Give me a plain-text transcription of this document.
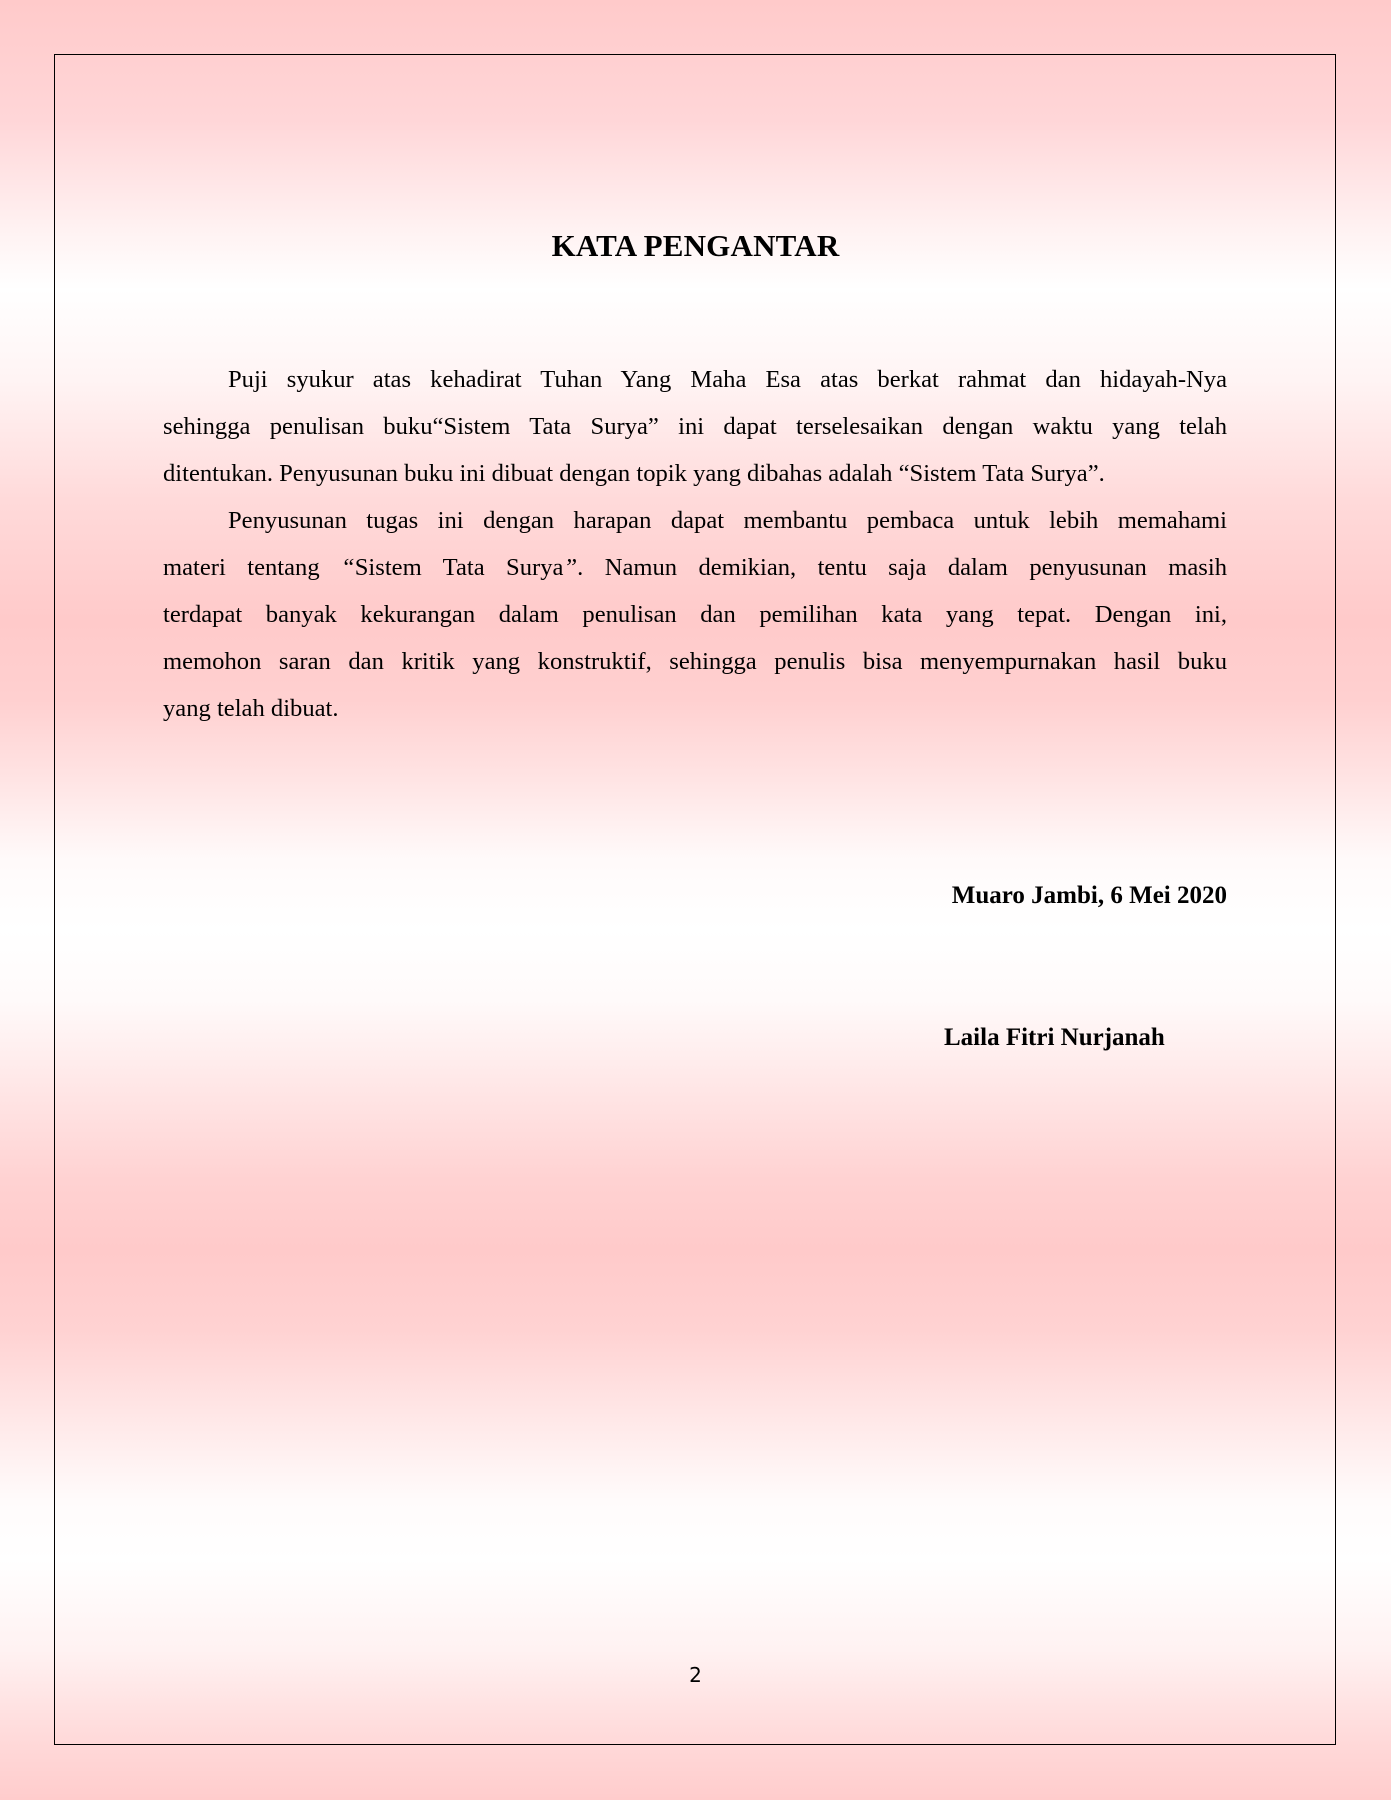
KATA PENGANTAR
Puji syukur atas kehadirat Tuhan Yang Maha Esa atas berkat rahmat dan hidayah-Nya
sehingga penulisan buku“Sistem Tata Surya” ini dapat terselesaikan dengan waktu yang telah
ditentukan. Penyusunan buku ini dibuat dengan topik yang dibahas adalah “Sistem Tata Surya”.
Penyusunan tugas ini dengan harapan dapat membantu pembaca untuk lebih memahami
materi tentang “Sistem Tata Surya”. Namun demikian, tentu saja dalam penyusunan masih
terdapat banyak kekurangan dalam penulisan dan pemilihan kata yang tepat. Dengan ini,
memohon saran dan kritik yang konstruktif, sehingga penulis bisa menyempurnakan hasil buku
yang telah dibuat.
Muaro Jambi, 6 Mei 2020
Laila Fitri Nurjanah
2
